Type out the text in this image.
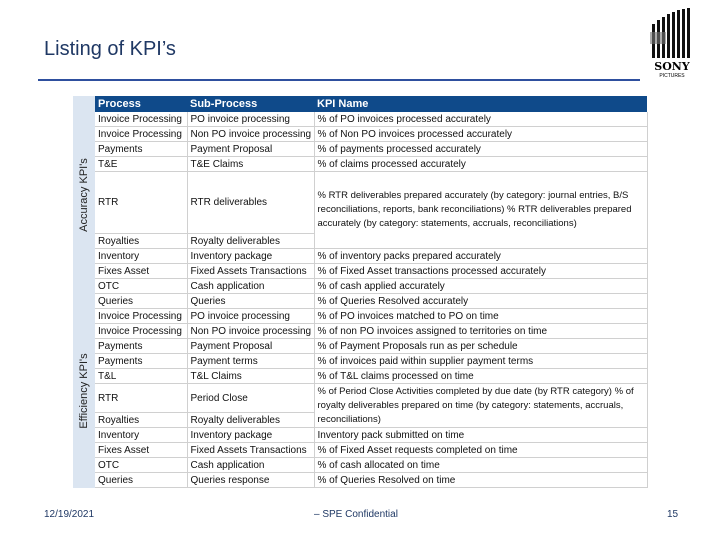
Listing of KPI’s
SONY
PICTURES
Accuracy KPI's
Efficiency KPI's
Process	Sub-Process	KPI Name
Invoice Processing	PO invoice processing	% of PO invoices processed accurately
Invoice Processing	Non PO invoice processing	% of Non PO invoices processed accurately
Payments	Payment Proposal	% of payments processed accurately
T&E	T&E Claims	% of claims processed accurately
RTR	RTR deliverables	% RTR deliverables prepared accurately (by category: journal entries, B/S reconciliations, reports, bank reconciliations) % RTR deliverables prepared accurately (by category: statements, accruals, reconciliations)
Royalties	Royalty deliverables	
Inventory	Inventory package	% of inventory packs prepared accurately
Fixes Asset	Fixed Assets Transactions	% of Fixed Asset transactions processed accurately
OTC	Cash application	% of cash applied accurately
Queries	Queries	% of Queries Resolved accurately
Invoice Processing	PO invoice processing	% of PO invoices matched to PO on time
Invoice Processing	Non PO invoice processing	% of non PO invoices assigned to territories on time
Payments	Payment Proposal	% of Payment Proposals run as per schedule
Payments	Payment terms	% of invoices paid within supplier payment terms
T&L	T&L Claims	% of T&L claims processed on time
RTR	Period Close	% of Period Close Activities completed by due date (by RTR category) % of royalty deliverables prepared on time (by category: statements, accruals, reconciliations)
Royalties	Royalty deliverables	
Inventory	Inventory package	Inventory pack submitted on time
Fixes Asset	Fixed Assets Transactions	% of Fixed Asset requests completed on time
OTC	Cash application	% of cash allocated on time
Queries	Queries response	% of Queries Resolved on time
12/19/2021	– SPE Confidential	15
